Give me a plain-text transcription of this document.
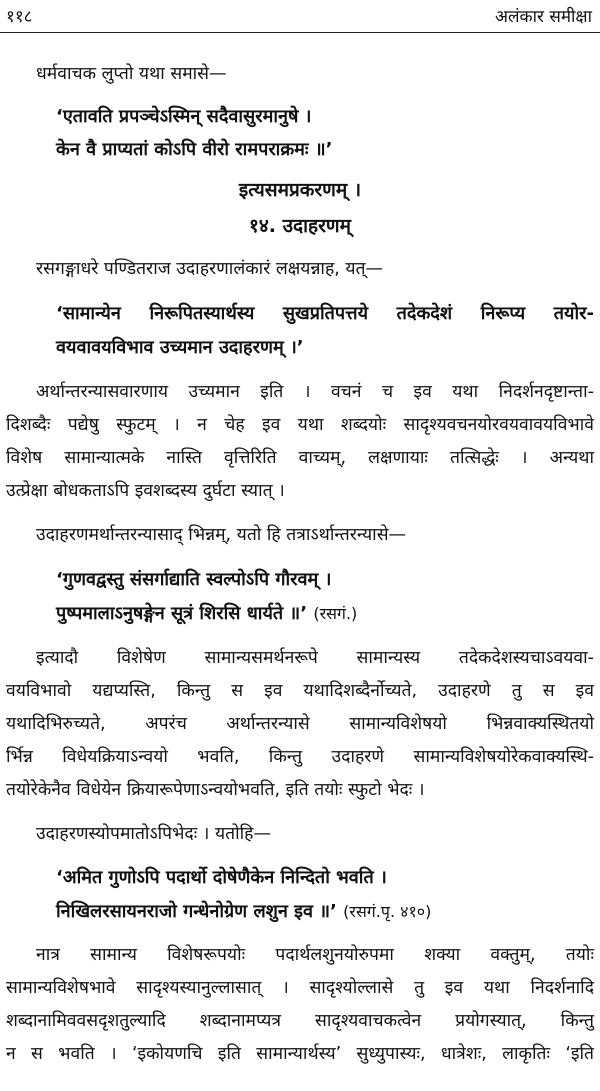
११८	अलंकार समीक्षा
धर्मवाचक लुप्तो यथा समासे—
‘एतावति प्रपञ्चेऽस्मिन् सदैवासुरमानुषे ।
केन वै प्राप्यतां कोऽपि वीरो रामपराक्रमः ॥’
इत्यसमप्रकरणम् ।
१४. उदाहरणम्
रसगङ्गाधरे पण्डितराज उदाहरणालंकारं लक्षयन्नाह, यत्—
‘सामान्येन निरूपितस्यार्थस्य सुखप्रतिपत्तये तदेकदेशं निरूप्य तयोर-
वयवावयविभाव उच्यमान उदाहरणम् ।’
अर्थान्तरन्यासवारणाय उच्यमान इति । वचनं च इव यथा निदर्शनदृष्टान्ता-
दिशब्दैः पद्येषु स्फुटम् । न चेह इव यथा शब्दयोः सादृश्यवचनयोरवयवावयविभावे
विशेष सामान्यात्मके नास्ति वृत्तिरिति वाच्यम्, लक्षणायाः तत्सिद्धेः । अन्यथा
उत्प्रेक्षा बोधकताऽपि इवशब्दस्य दुर्घटा स्यात् ।
उदाहरणमर्थान्तरन्यासाद् भिन्नम्, यतो हि तत्राऽर्थान्तरन्यासे—
‘गुणवद्वस्तु संसर्गाद्याति स्वल्पोऽपि गौरवम् ।
पुष्पमालाऽनुषङ्गेन सूत्रं शिरसि धार्यते ॥’ (रसगं.)
इत्यादौ विशेषेण सामान्यसमर्थनरूपे सामान्यस्य तदेकदेशस्यचाऽवयवा-
वयविभावो यद्यप्यस्ति, किन्तु स इव यथादिशब्दैर्नोच्यते, उदाहरणे तु स इव
यथादिभिरुच्यते, अपरंच अर्थान्तरन्यासे सामान्यविशेषयो भिन्नवाक्यस्थितयो
र्भिन्न विधेयक्रियाऽन्वयो भवति, किन्तु उदाहरणे सामान्यविशेषयोरेकवाक्यस्थि-
तयोरेकेनैव विधेयेन क्रियारूपेणाऽन्वयोभवति, इति तयोः स्फुटो भेदः ।
उदाहरणस्योपमातोऽपिभेदः । यतोहि—
‘अमित गुणोऽपि पदार्थो दोषेणैकेन निन्दितो भवति ।
निखिलरसायनराजो गन्धेनोग्रेण लशुन इव ॥’ (रसगं.पृ. ४१०)
नात्र सामान्य विशेषरूपयोः पदार्थलशुनयोरुपमा शक्या वक्तुम्, तयोः
सामान्यविशेषभावे सादृश्यस्यानुल्लासात् । सादृश्योल्लासे तु इव यथा निदर्शनादि
शब्दानामिववसदृशतुल्यादि शब्दानामप्यत्र सादृश्यवाचकत्वेन प्रयोगस्यात्, किन्तु
न स भवति । ‘इकोयणचि इति सामान्यार्थस्य’ सुध्युपास्यः, धात्रेशः, लाकृतिः ‘इति
